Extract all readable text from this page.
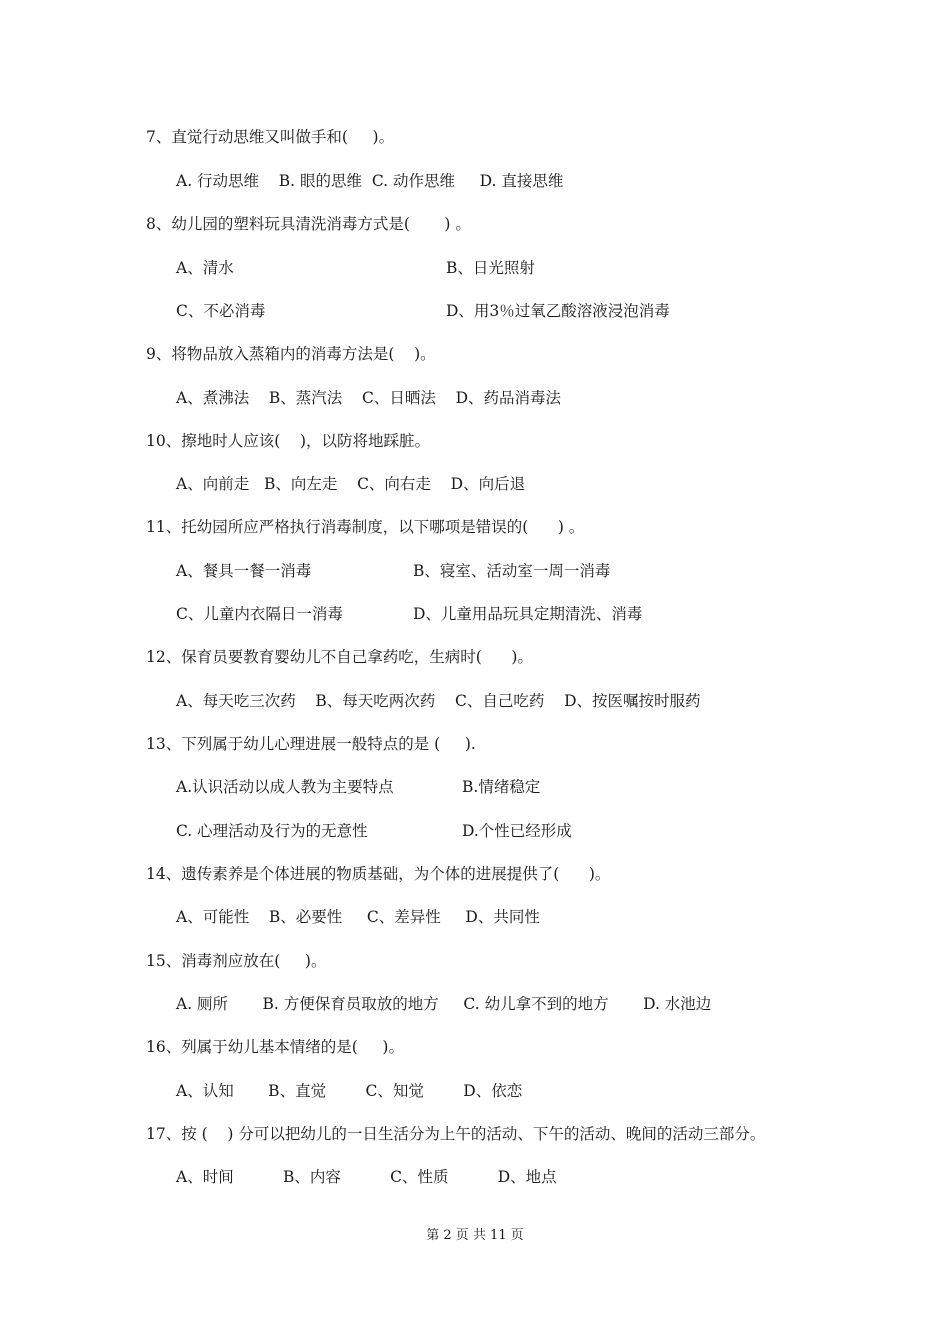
7、直觉行动思维又叫做手和(     )。
A. 行动思维    B. 眼的思维  C. 动作思维     D. 直接思维
8、幼儿园的塑料玩具清洗消毒方式是(       ) 。
A、清水	B、日光照射
C、不必消毒	D、用3％过氧乙酸溶液浸泡消毒
9、将物品放入蒸箱内的消毒方法是(    )。
A、煮沸法    B、蒸汽法    C、日晒法    D、药品消毒法
10、擦地时人应该(    )，以防将地踩脏。
A、向前走   B、向左走    C、向右走    D、向后退
11、托幼园所应严格执行消毒制度，以下哪项是错误的(      ) 。
A、餐具一餐一消毒	B、寝室、活动室一周一消毒
C、儿童内衣隔日一消毒	D、儿童用品玩具定期清洗、消毒
12、保育员要教育婴幼儿不自己拿药吃，生病时(      )。
A、每天吃三次药    B、每天吃两次药    C、自己吃药    D、按医嘱按时服药
13、下列属于幼儿心理进展一般特点的是 (     ).
A.认识活动以成人教为主要特点	B.情绪稳定
C. 心理活动及行为的无意性	D.个性已经形成
14、遗传素养是个体进展的物质基础，为个体的进展提供了(      )。
A、可能性    B、必要性     C、差异性     D、共同性
15、消毒剂应放在(     )。
A. 厕所       B. 方便保育员取放的地方     C. 幼儿拿不到的地方       D. 水池边
16、列属于幼儿基本情绪的是(     )。
A、认知       B、直觉        C、知觉        D、依恋
17、按 (    ) 分可以把幼儿的一日生活分为上午的活动、下午的活动、晚间的活动三部分。
A、时间          B、内容          C、性质          D、地点
第 2 页 共 11 页
